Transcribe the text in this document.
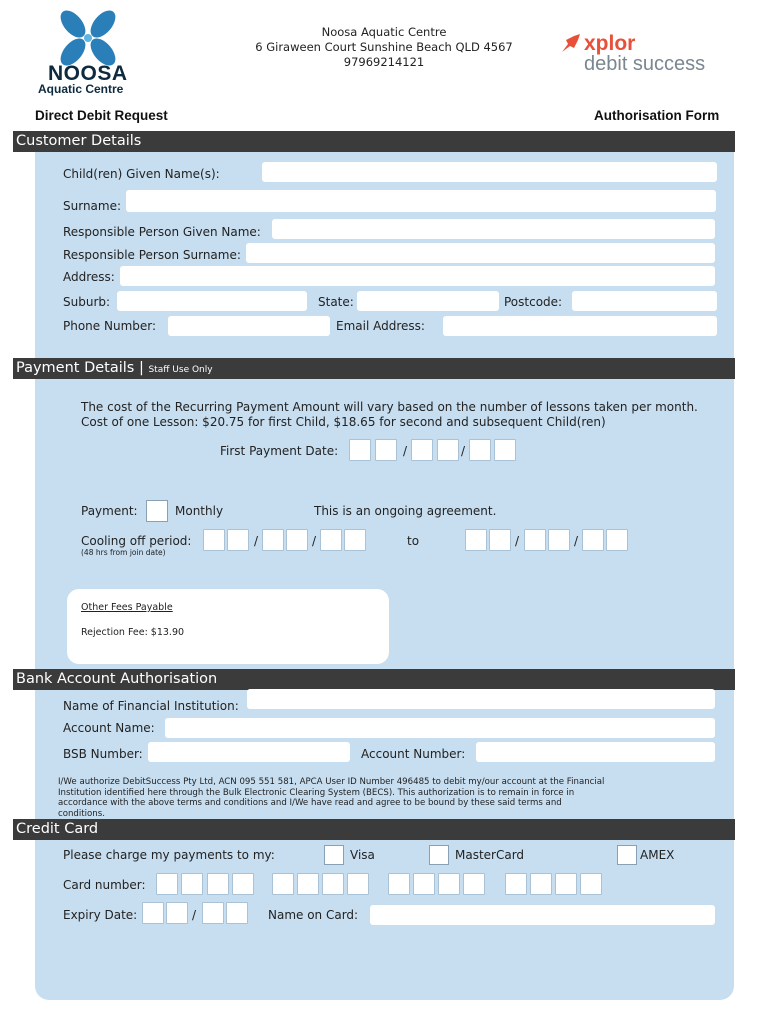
NOOSA
Aquatic Centre
Noosa Aquatic Centre
6 Giraween Court Sunshine Beach QLD 4567
97969214121
xplor
debit success
Direct Debit Request	Authorisation Form
Customer Details
Child(ren) Given Name(s):
Surname:
Responsible Person Given Name:
Responsible Person Surname:
Address:
Suburb:	State:	Postcode:
Phone Number:	Email Address:
Payment Details | Staff Use Only
The cost of the Recurring Payment Amount will vary based on the number of lessons taken per month.
Cost of one Lesson: $20.75 for first Child, $18.65 for second and subsequent Child(ren)
First Payment Date:	/	/
Payment:	Monthly	This is an ongoing agreement.
Cooling off period:
(48 hrs from join date)
/	/	to	/	/
Other Fees Payable
Rejection Fee: $13.90
Bank Account Authorisation
Name of Financial Institution:
Account Name:
BSB Number:	Account Number:
I/We authorize DebitSuccess Pty Ltd, ACN 095 551 581, APCA User ID Number 496485 to debit my/our account at the Financial
Institution identified here through the Bulk Electronic Clearing System (BECS). This authorization is to remain in force in
accordance with the above terms and conditions and I/We have read and agree to be bound by these said terms and
conditions.
Credit Card
Please charge my payments to my:	Visa	MasterCard	AMEX
Card number:
Expiry Date:	/	Name on Card:
